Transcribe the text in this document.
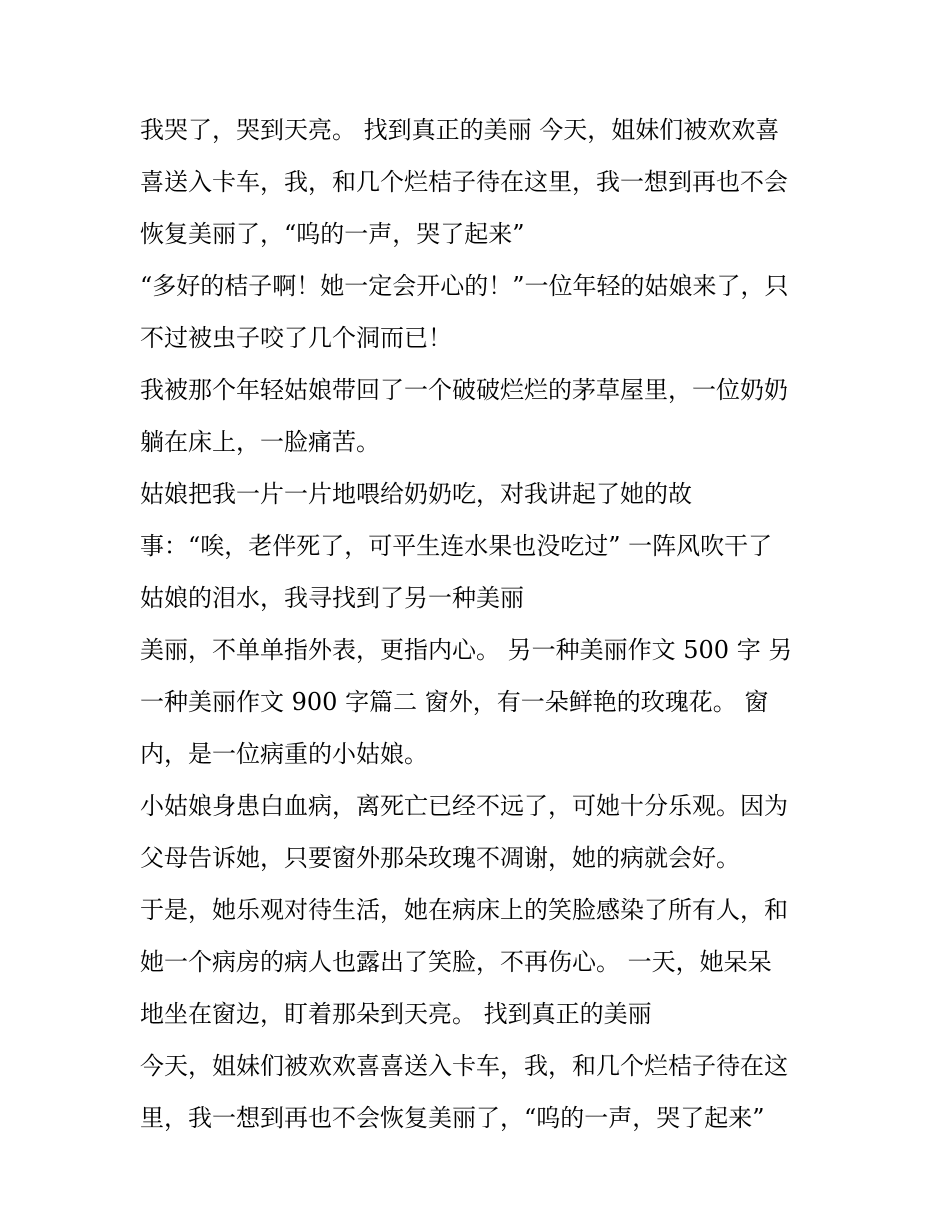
我哭了，哭到天亮。 找到真正的美丽 今天，姐妹们被欢欢喜
喜送入卡车，我，和几个烂桔子待在这里，我一想到再也不会
恢复美丽了，“呜的一声，哭了起来”
“多好的桔子啊！她一定会开心的！”一位年轻的姑娘来了，只
不过被虫子咬了几个洞而已！
我被那个年轻姑娘带回了一个破破烂烂的茅草屋里，一位奶奶
躺在床上，一脸痛苦。
姑娘把我一片一片地喂给奶奶吃，对我讲起了她的故
事：“唉，老伴死了，可平生连水果也没吃过” 一阵风吹干了
姑娘的泪水，我寻找到了另一种美丽
美丽，不单单指外表，更指内心。 另一种美丽作文 500 字 另
一种美丽作文 900 字篇二 窗外，有一朵鲜艳的玫瑰花。 窗
内，是一位病重的小姑娘。
小姑娘身患白血病，离死亡已经不远了，可她十分乐观。因为
父母告诉她，只要窗外那朵玫瑰不凋谢，她的病就会好。
于是，她乐观对待生活，她在病床上的笑脸感染了所有人，和
她一个病房的病人也露出了笑脸，不再伤心。 一天，她呆呆
地坐在窗边，盯着那朵到天亮。 找到真正的美丽
今天，姐妹们被欢欢喜喜送入卡车，我，和几个烂桔子待在这
里，我一想到再也不会恢复美丽了，“呜的一声，哭了起来”
